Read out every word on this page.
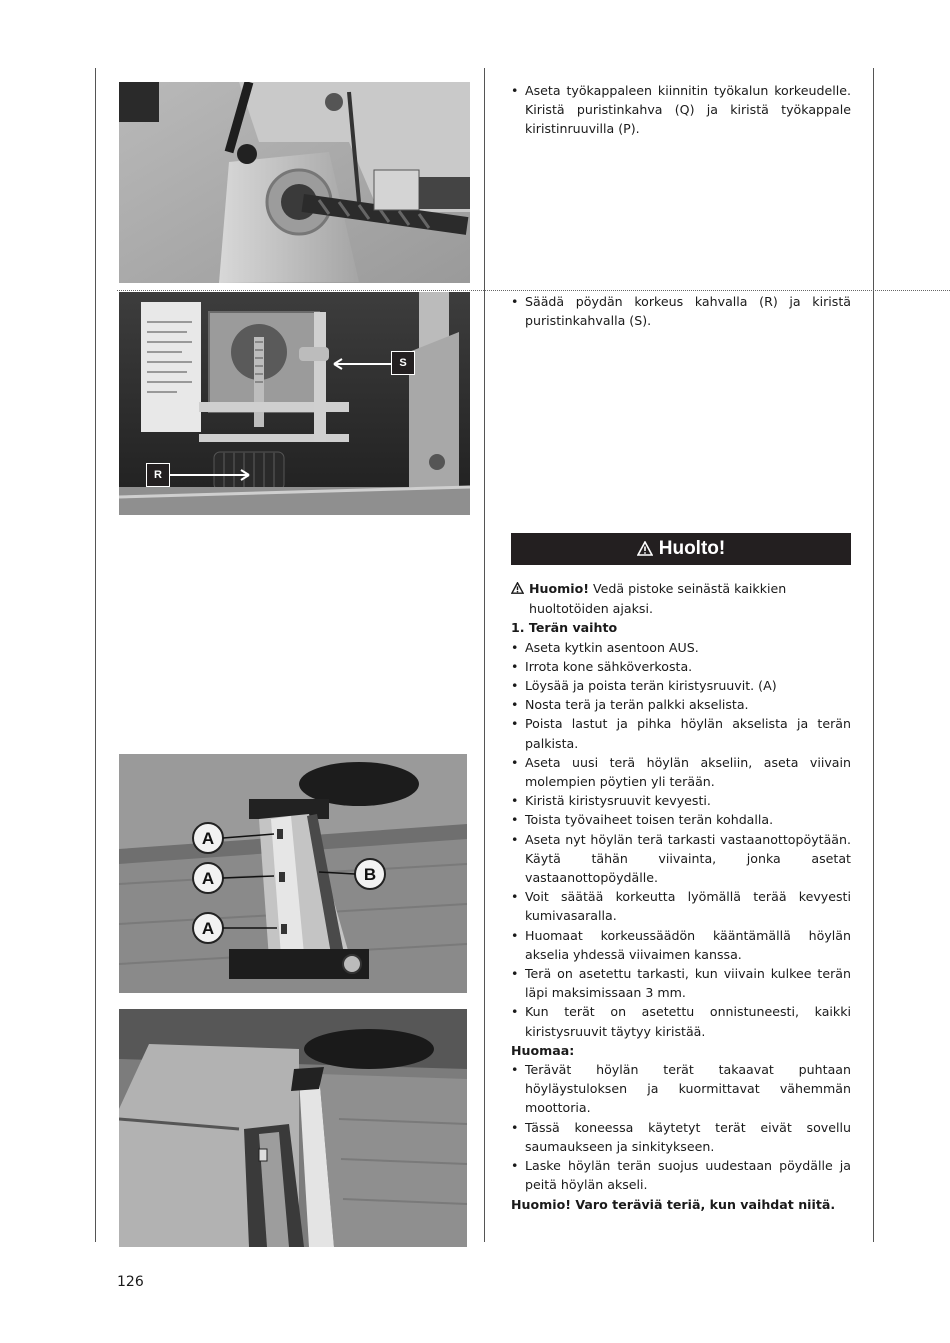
S
R
A
A
A
B
• Aseta työkappaleen kiinnitin työkalun korkeudelle. Kiristä puristinkahva (Q) ja kiristä työkappale kiristinruuvilla (P).
• Säädä pöydän korkeus kahvalla (R) ja kiristä puristinkahvalla (S).
Huolto!
Huomio! Vedä pistoke seinästä kaikkien huoltotöiden ajaksi.
1. Terän vaihto
• Aseta kytkin asentoon AUS.
• Irrota kone sähköverkosta.
• Löysää ja poista terän kiristysruuvit. (A)
• Nosta terä ja terän palkki akselista.
• Poista lastut ja pihka höylän akselista ja terän palkista.
• Aseta uusi terä höylän akseliin, aseta viivain molempien pöytien yli terään.
• Kiristä kiristysruuvit kevyesti.
• Toista työvaiheet toisen terän kohdalla.
• Aseta nyt höylän terä tarkasti vastaanottopöytään. Käytä tähän viivainta, jonka asetat vastaanottopöydälle.
• Voit säätää korkeutta lyömällä terää kevyesti kumivasaralla.
• Huomaat korkeussäädön kääntämällä höylän akselia yhdessä viivaimen kanssa.
• Terä on asetettu tarkasti, kun viivain kulkee terän läpi maksimissaan 3 mm.
• Kun terät on asetettu onnistuneesti, kaikki kiristysruuvit täytyy kiristää.
Huomaa:
• Terävät höylän terät takaavat puhtaan höyläystuloksen ja kuormittavat vähemmän moottoria.
• Tässä koneessa käytetyt terät eivät sovellu saumaukseen ja sinkitykseen.
• Laske höylän terän suojus uudestaan pöydälle ja peitä höylän akseli.
Huomio! Varo teräviä teriä, kun vaihdat niitä.
126
